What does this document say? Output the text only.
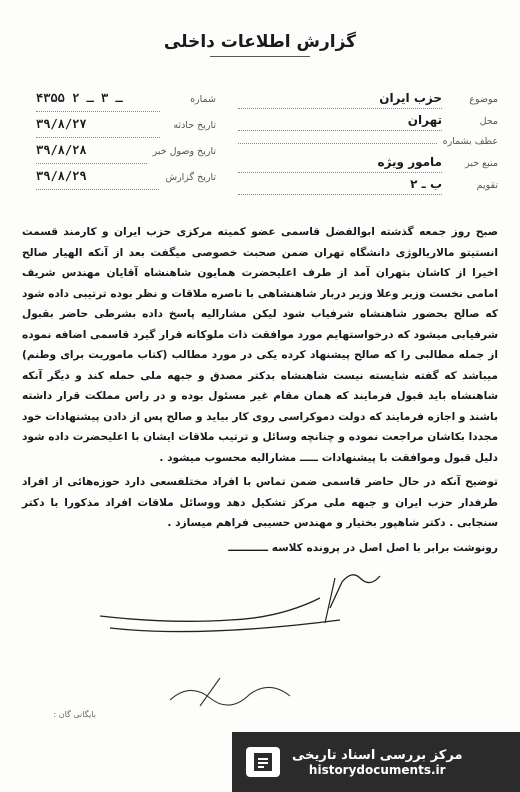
گزارش اطلاعات داخلی
موضوع
حزب ایران
محل
تهران
عطف بشماره
منبع خبر
مامور ویژه
تقویم
ب ـ ۲
شماره
۴۳۵۵ ـ ۳ ـ ۲
تاریخ حادثه
۳۹/۸/۲۷
تاریخ وصول خبر
۳۹/۸/۲۸
تاریخ گزارش
۳۹/۸/۲۹

صبح روز جمعه گذشته ابوالفضل قاسمی عضو کمیته مرکزی حزب ایران و کارمند قسمت انستیتو مالاریالوژی دانشگاه تهران ضمن صحبت خصوصی میگفت بعد از آنکه الهیار صالح اخیرا از کاشان بتهران آمد از طرف اعلیحضرت همایون شاهنشاه آقایان مهندس شریف امامی نخست وزیر وعلا وزیر دربار شاهنشاهی با ناصره ملاقات و نظر بوده ترتیبی داده شود که صالح بحضور شاهنشاه شرفیاب شود لیکن مشارالیه پاسخ داده بشرطی حاضر بقبول شرفیابی میشود که درخواستهایم مورد موافقت ذات ملوکانه قرار گیرد قاسمی اضافه نموده از جمله مطالبی را که صالح پیشنهاد کرده یکی در مورد مطالب (کتاب ماموریت برای وطنم) میباشد که گفته شایسته نیست شاهنشاه بدکتر مصدق و جبهه ملی حمله کند و دیگر آنکه شاهنشاه باید قبول فرمایند که همان مقام غیر مسئول بوده و در راس مملکت قرار داشته باشند و اجازه فرمایند که دولت دموکراسی روی کار بیاید و صالح پس از دادن پیشنهادات خود مجددا بکاشان مراجعت نموده و چنانچه وسائل و ترتیب ملاقات ایشان با اعلیحضرت داده شود دلیل قبول وموافقت با پیشنهادات ـــــ مشارالیه محسوب میشود .

توضیح آنکه در حال حاضر قاسمی ضمن تماس با افراد مختلفسعی دارد حوزه‌هائی از افراد طرفدار حزب ایران و جبهه ملی مرکز تشکیل دهد ووسائل ملاقات افراد مذکورا با دکتر سنجابی . دکتر شاهپور بختیار و مهندس حسیبی فراهم میسازد .

رونوشت برابر با اصل اصل در پرونده کلاسه ـــــــــــ

بایگانی گان :
مرکز بررسی اسناد تاریخی
historydocuments.ir
